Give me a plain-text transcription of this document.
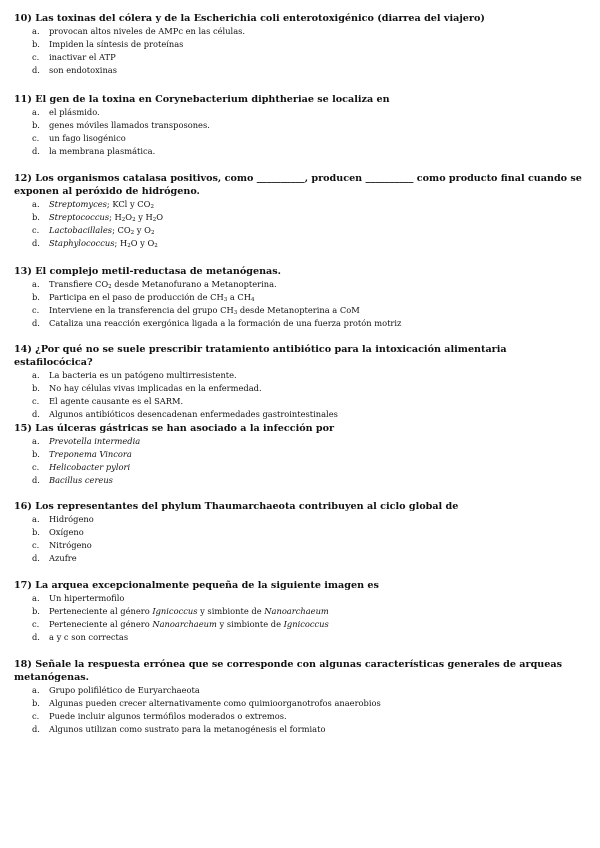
10) Las toxinas del cólera y de la Escherichia coli enterotoxigénico (diarrea del viajero)

a. provocan altos niveles de AMPc en las células.
b. Impiden la síntesis de proteínas
c. inactivar el ATP
d. son endotoxinas

11) El gen de la toxina en Corynebacterium diphtheriae se localiza en

a. el plásmido.
b. genes móviles llamados transposones.
c. un fago lisogénico
d. la membrana plasmática.

12) Los organismos catalasa positivos, como __________, producen __________ como producto final cuando se exponen al peróxido de hidrógeno.

a. Streptomyces; KCl y $CO_2$
b. Streptococcus; $H_2O_2$ y $H_2O$
c. Lactobacillales; $CO_2$ y $O_2$
d. Staphylococcus; $H_2O$ y $O_2$

13) El complejo metil-reductasa de metanógenas.

a. Transfiere $CO_2$ desde Metanofurano a Metanopterina.
b. Participa en el paso de producción de $CH_3$ a $CH_4$
c. Interviene en la transferencia del grupo $CH_3$ desde Metanopterina a CoM
d. Cataliza una reacción exergónica ligada a la formación de una fuerza protón motriz

14) ¿Por qué no se suele prescribir tratamiento antibiótico para la intoxicación alimentaria estafilocócica?

a. La bacteria es un patógeno multirresistente.
b. No hay células vivas implicadas en la enfermedad.
c. El agente causante es el SARM.
d. Algunos antibióticos desencadenan enfermedades gastrointestinales

15) Las úlceras gástricas se han asociado a la infección por

a. Prevotella intermedia
b. Treponema Vincora
c. Helicobacter pylori
d. Bacillus cereus

16) Los representantes del phylum Thaumarchaeota contribuyen al ciclo global de

a. Hidrógeno
b. Oxígeno
c. Nitrógeno
d. Azufre

17) La arquea excepcionalmente pequeña de la siguiente imagen es

a. Un hipertermofilo
b. Perteneciente al género Ignicoccus y simbionte de Nanoarchaeum
c. Perteneciente al género Nanoarchaeum y simbionte de Ignicoccus
d. a y c son correctas

18) Señale la respuesta errónea que se corresponde con algunas características generales de arqueas metanógenas.

a. Grupo polifilético de Euryarchaeota
b. Algunas pueden crecer alternativamente como quimioorganotrofos anaerobios
c. Puede incluir algunos termófilos moderados o extremos.
d. Algunos utilizan como sustrato para la metanogénesis el formiato
